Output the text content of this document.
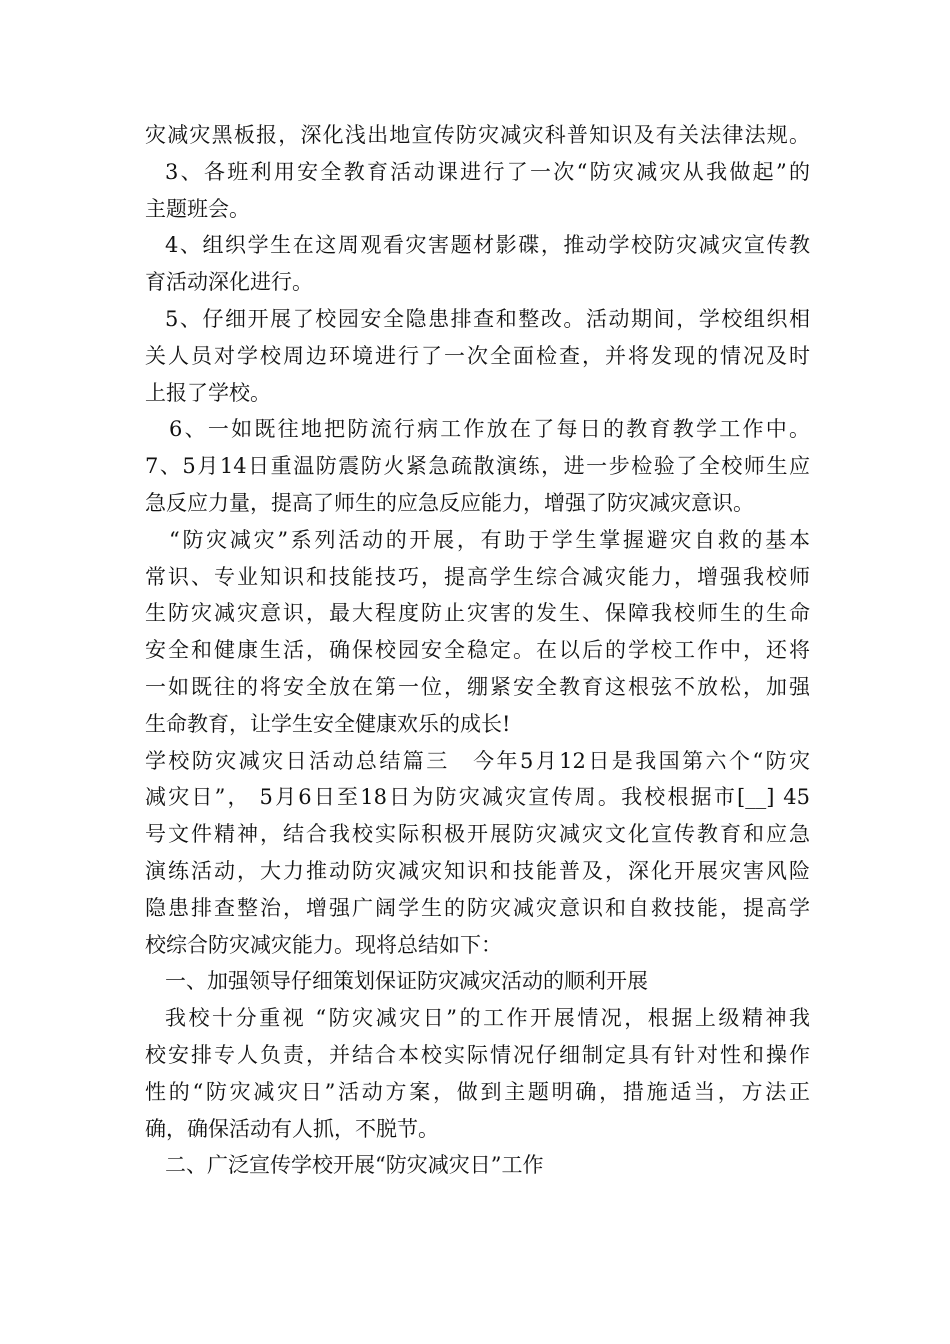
灾减灾黑板报，深化浅出地宣传防灾减灾科普知识及有关法律法规。
3、各班利用安全教育活动课进行了一次“防灾减灾从我做起”的
主题班会。
4、组织学生在这周观看灾害题材影碟，推动学校防灾减灾宣传教
育活动深化进行。
5、仔细开展了校园安全隐患排查和整改。活动期间，学校组织相
关人员对学校周边环境进行了一次全面检查，并将发现的情况及时
上报了学校。
6、一如既往地把防流行病工作放在了每日的教育教学工作中。
7、5月14日重温防震防火紧急疏散演练，进一步检验了全校师生应
急反应力量，提高了师生的应急反应能力，增强了防灾减灾意识。
“防灾减灾”系列活动的开展，有助于学生掌握避灾自救的基本
常识、专业知识和技能技巧，提高学生综合减灾能力，增强我校师
生防灾减灾意识，最大程度防止灾害的发生、保障我校师生的生命
安全和健康生活，确保校园安全稳定。在以后的学校工作中，还将
一如既往的将安全放在第一位，绷紧安全教育这根弦不放松，加强
生命教育，让学生安全健康欢乐的成长!
学校防灾减灾日活动总结篇三　今年5月12日是我国第六个“防灾
减灾日”， 5月6日至18日为防灾减灾宣传周。我校根据市[__] 45
号文件精神，结合我校实际积极开展防灾减灾文化宣传教育和应急
演练活动，大力推动防灾减灾知识和技能普及，深化开展灾害风险
隐患排查整治，增强广阔学生的防灾减灾意识和自救技能，提高学
校综合防灾减灾能力。现将总结如下：
一、加强领导仔细策划保证防灾减灾活动的顺利开展
我校十分重视 “防灾减灾日”的工作开展情况，根据上级精神我
校安排专人负责，并结合本校实际情况仔细制定具有针对性和操作
性的“防灾减灾日”活动方案，做到主题明确，措施适当，方法正
确，确保活动有人抓，不脱节。
二、广泛宣传学校开展“防灾减灾日”工作
